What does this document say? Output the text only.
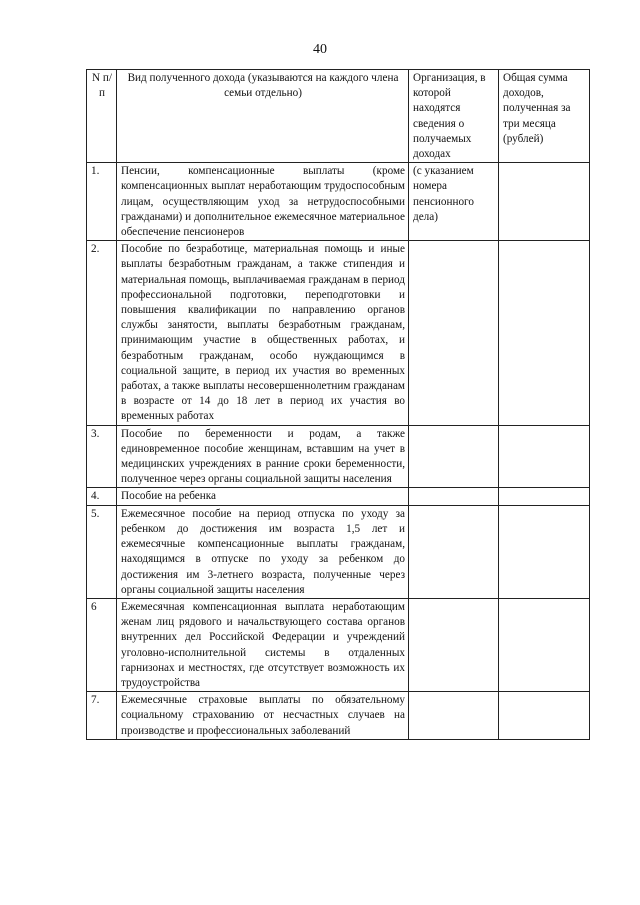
40
N п/п	Вид полученного дохода (указываются на каждого члена семьи отдельно)	Организация, в которой находятся сведения о получаемых доходах	Общая сумма доходов, полученная за три месяца (рублей)
1.	Пенсии, компенсационные выплаты (кроме компенсационных выплат неработающим трудоспособным лицам, осуществляющим уход за нетрудоспособными гражданами) и дополнительное ежемесячное материальное обеспечение пенсионеров	(с указанием номера пенсионного дела)	
2.	Пособие по безработице, материальная помощь и иные выплаты безработным гражданам, а также стипендия и материальная помощь, выплачиваемая гражданам в период профессиональной подготовки, переподготовки и повышения квалификации по направлению органов службы занятости, выплаты безработным гражданам, принимающим участие в общественных работах, и безработным гражданам, особо нуждающимся в социальной защите, в период их участия во временных работах, а также выплаты несовершеннолетним гражданам в возрасте от 14 до 18 лет в период их участия во временных работах		
3.	Пособие по беременности и родам, а также единовременное пособие женщинам, вставшим на учет в медицинских учреждениях в ранние сроки беременности, полученное через органы социальной защиты населения		
4.	Пособие на ребенка		
5.	Ежемесячное пособие на период отпуска по уходу за ребенком до достижения им возраста 1,5 лет и ежемесячные компенсационные выплаты гражданам, находящимся в отпуске по уходу за ребенком до достижения им 3-летнего возраста, полученные через органы социальной защиты населения		
6	Ежемесячная компенсационная выплата неработающим женам лиц рядового и начальствующего состава органов внутренних дел Российской Федерации и учреждений уголовно-исполнительной системы в отдаленных гарнизонах и местностях, где отсутствует возможность их трудоустройства		
7.	Ежемесячные страховые выплаты по обязательному социальному страхованию от несчастных случаев на производстве и профессиональных заболеваний		
